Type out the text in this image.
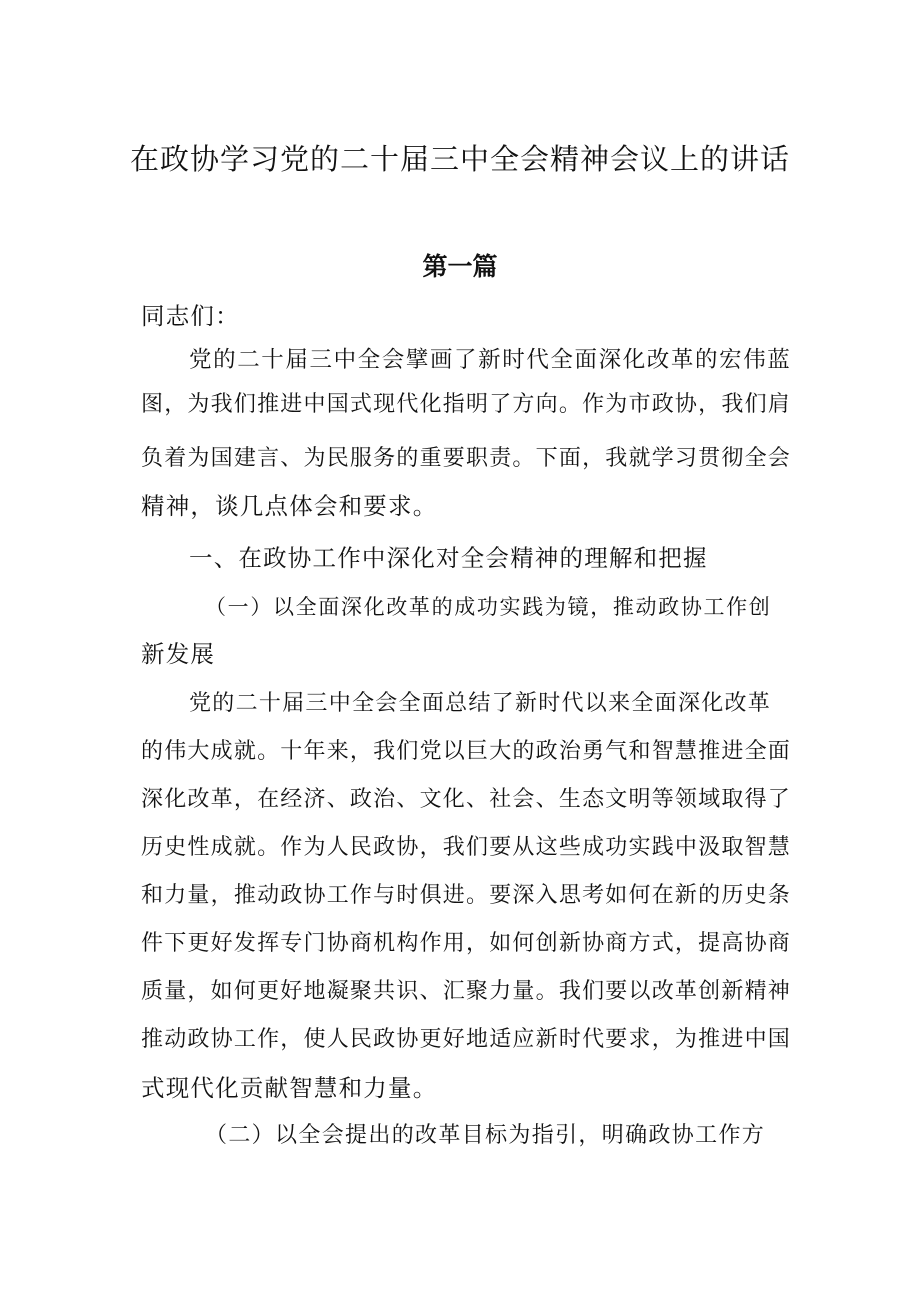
在政协学习党的二十届三中全会精神会议上的讲话
第一篇
同志们：
党的二十届三中全会擘画了新时代全面深化改革的宏伟蓝
图，为我们推进中国式现代化指明了方向。作为市政协，我们肩
负着为国建言、为民服务的重要职责。下面，我就学习贯彻全会
精神，谈几点体会和要求。
一、在政协工作中深化对全会精神的理解和把握
（一）以全面深化改革的成功实践为镜，推动政协工作创
新发展
党的二十届三中全会全面总结了新时代以来全面深化改革
的伟大成就。十年来，我们党以巨大的政治勇气和智慧推进全面
深化改革，在经济、政治、文化、社会、生态文明等领域取得了
历史性成就。作为人民政协，我们要从这些成功实践中汲取智慧
和力量，推动政协工作与时俱进。要深入思考如何在新的历史条
件下更好发挥专门协商机构作用，如何创新协商方式，提高协商
质量，如何更好地凝聚共识、汇聚力量。我们要以改革创新精神
推动政协工作，使人民政协更好地适应新时代要求，为推进中国
式现代化贡献智慧和力量。
（二）以全会提出的改革目标为指引，明确政协工作方
